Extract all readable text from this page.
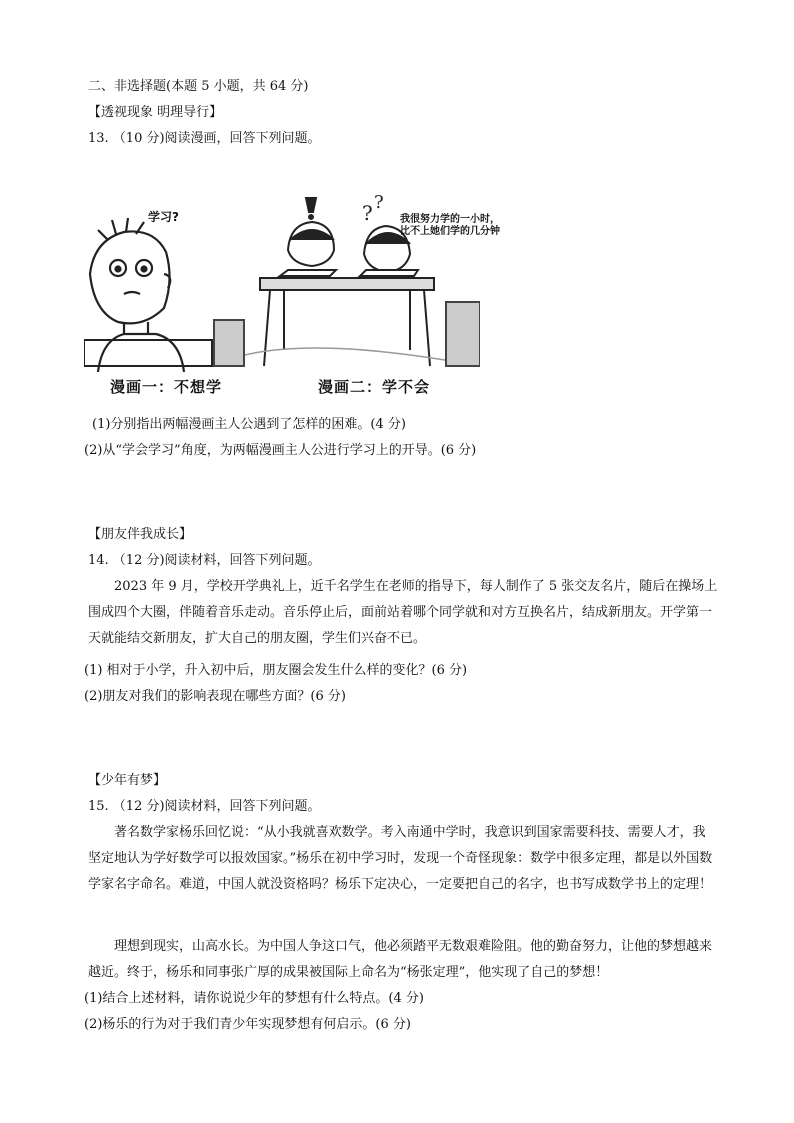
二、非选择题(本题 5 小题，共 64 分)
【透视现象 明理导行】
13. （10 分)阅读漫画，回答下列问题。
? ?
学习?	我很努力学的一小时，
比不上她们学的几分钟
漫画一：不想学	漫画二：学不会
(1)分别指出两幅漫画主人公遇到了怎样的困难。(4 分)
(2)从“学会学习”角度，为两幅漫画主人公进行学习上的开导。(6 分)
【朋友伴我成长】
14. （12 分)阅读材料，回答下列问题。
2023 年 9 月，学校开学典礼上，近千名学生在老师的指导下，每人制作了 5 张交友名片，随后在操场上围成四个大圈，伴随着音乐走动。音乐停止后，面前站着哪个同学就和对方互换名片，结成新朋友。开学第一天就能结交新朋友，扩大自己的朋友圈，学生们兴奋不已。
(1) 相对于小学，升入初中后，朋友圈会发生什么样的变化？(6 分)
(2)朋友对我们的影响表现在哪些方面？(6 分)
【少年有梦】
15. （12 分)阅读材料，回答下列问题。
著名数学家杨乐回忆说：“从小我就喜欢数学。考入南通中学时，我意识到国家需要科技、需要人才，我坚定地认为学好数学可以报效国家。”杨乐在初中学习时，发现一个奇怪现象：数学中很多定理，都是以外国数学家名字命名。难道，中国人就没资格吗？杨乐下定决心，一定要把自己的名字，也书写成数学书上的定理！
理想到现实，山高水长。为中国人争这口气，他必须踏平无数艰难险阻。他的勤奋努力，让他的梦想越来越近。终于，杨乐和同事张广厚的成果被国际上命名为“杨张定理”，他实现了自己的梦想！
(1)结合上述材料，请你说说少年的梦想有什么特点。(4 分)
(2)杨乐的行为对于我们青少年实现梦想有何启示。(6 分)
